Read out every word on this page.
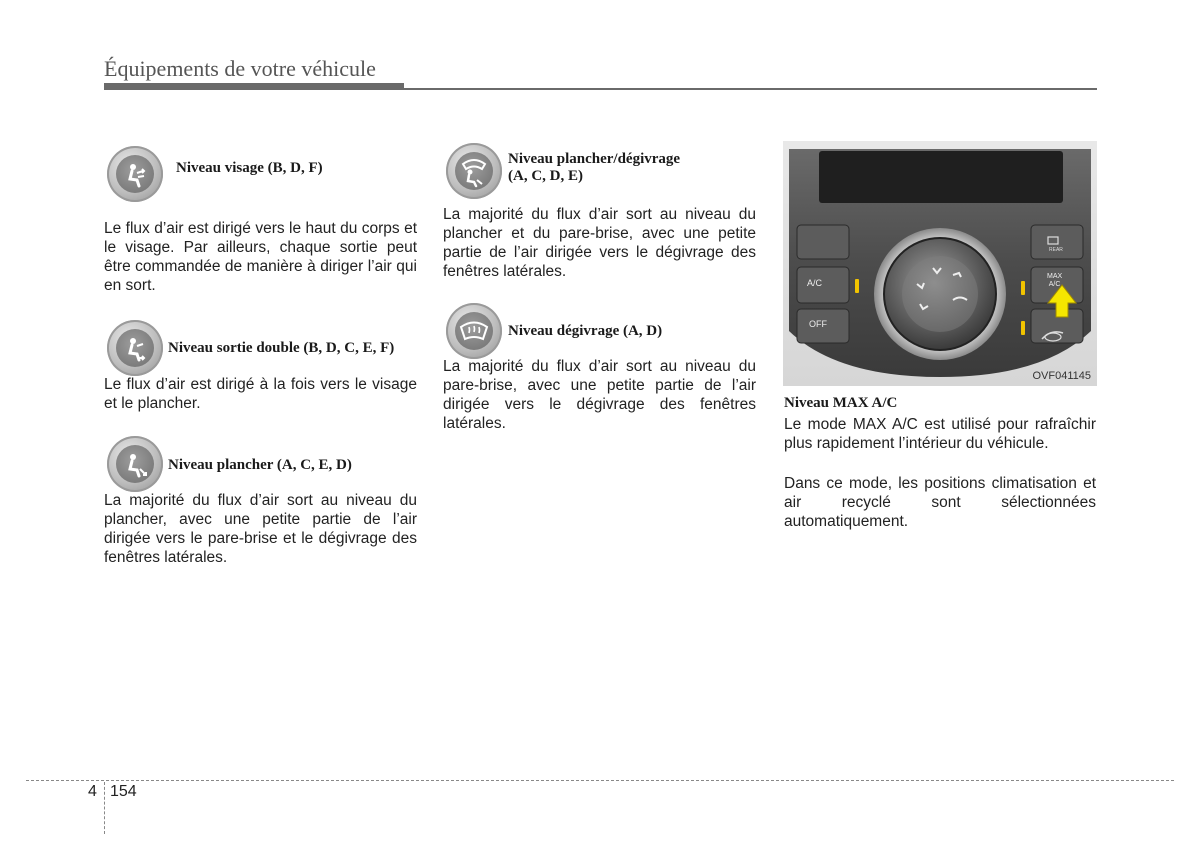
Équipements de votre véhicule
Niveau visage (B, D, F)

Le flux d’air est dirigé vers le haut du corps et le visage. Par ailleurs, chaque sortie peut être commandée de manière à diriger l’air qui en sort.

Niveau sortie double (B, D, C, E, F)

Le flux d’air est dirigé à la fois vers le visage et le plancher.

Niveau plancher (A, C, E, D)

La majorité du flux d’air sort au niveau du plancher, avec une petite partie de l’air dirigée vers le pare-brise et le dégivrage des fenêtres latérales.

Niveau plancher/dégivrage
(A, C, D, E)

La majorité du flux d’air sort au niveau du plancher et du pare-brise, avec une petite partie de l’air dirigée vers le dégivrage des fenêtres latérales.

Niveau dégivrage (A, D)

La majorité du flux d’air sort au niveau du pare-brise, avec une petite partie de l’air dirigée vers le dégivrage des fenêtres latérales.

A/C
OFF
MAX
A/C
REAR
OVF041145
Niveau MAX A/C

Le mode MAX A/C est utilisé pour rafraîchir plus rapidement l’intérieur du véhicule.

Dans ce mode, les positions climatisation et air recyclé sont sélectionnées automatiquement.

4 154
